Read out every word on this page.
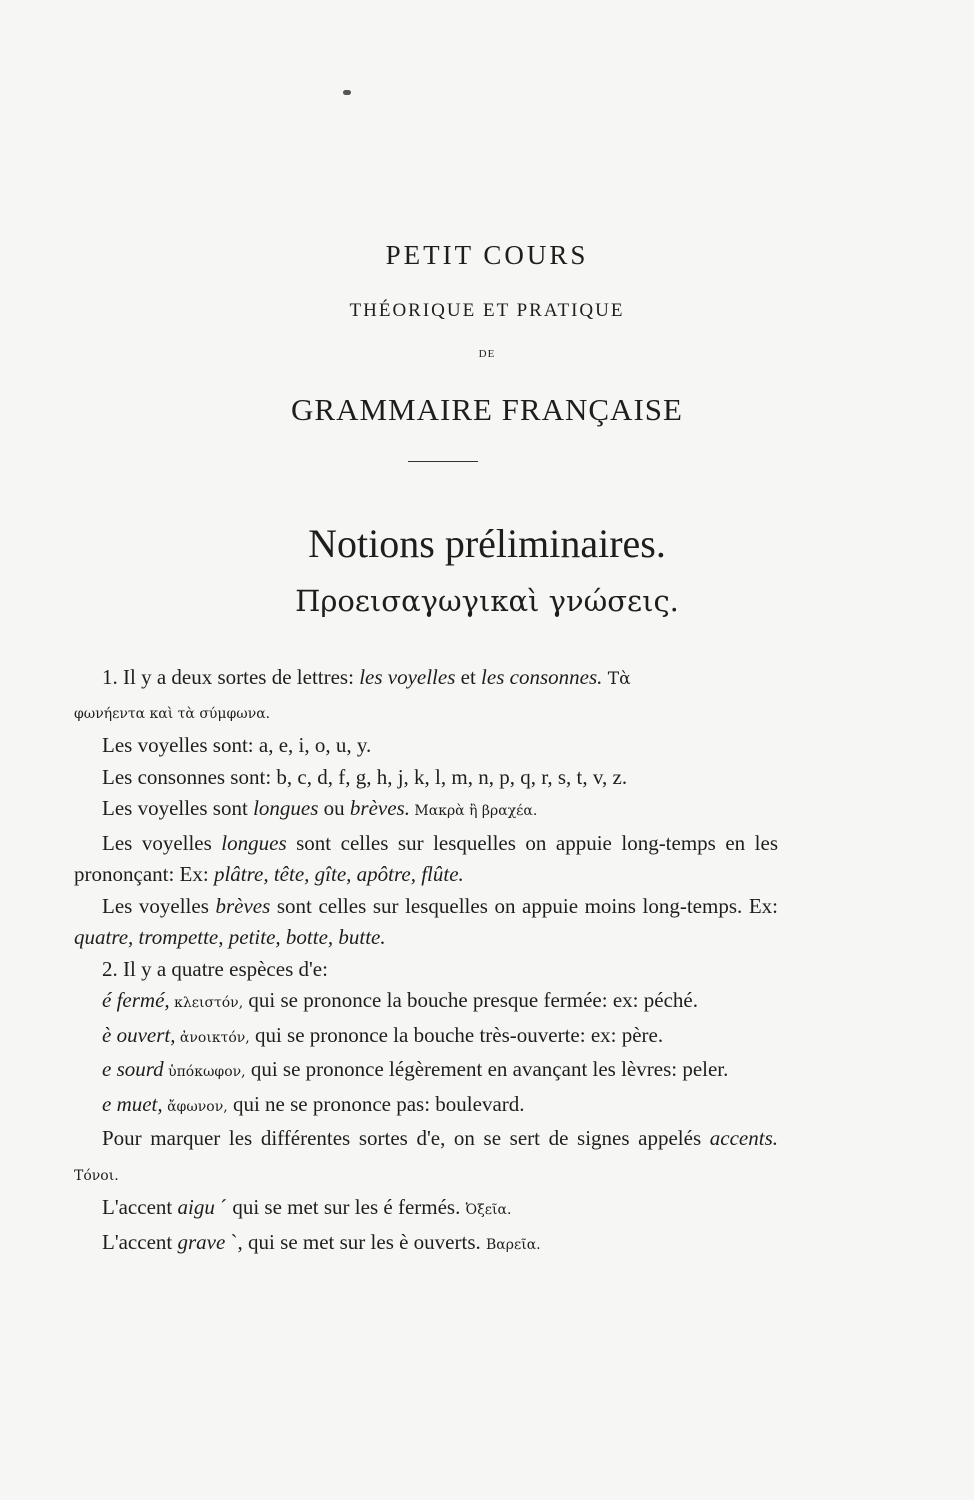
PETIT COURS
THÉORIQUE ET PRATIQUE
DE
GRAMMAIRE FRANÇAISE
Notions préliminaires.
Προεισαγωγικαὶ γνώσεις.

1. Il y a deux sortes de lettres: les voyelles et les consonnes. Τὰ
φωνήεντα καὶ τὰ σύμφωνα.

Les voyelles sont: a, e, i, o, u, y.

Les consonnes sont: b, c, d, f, g, h, j, k, l, m, n, p, q, r, s, t, v, z.

Les voyelles sont longues ou brèves. Μακρὰ ἢ βραχέα.

Les voyelles longues sont celles sur lesquelles on appuie long-temps en les prononçant: Ex: plâtre, tête, gîte, apôtre, flûte.

Les voyelles brèves sont celles sur lesquelles on appuie moins long-temps. Ex: quatre, trompette, petite, botte, butte.

2. Il y a quatre espèces d'e:

é fermé, κλειστόν, qui se prononce la bouche presque fermée: ex: péché.

è ouvert, ἀνοικτόν, qui se prononce la bouche très-ouverte: ex: père.

e sourd ὑπόκωφον, qui se prononce légèrement en avançant les lèvres: peler.

e muet, ἄφωνον, qui ne se prononce pas: boulevard.

Pour marquer les différentes sortes d'e, on se sert de signes appelés accents. Τόνοι.

L'accent aigu ´ qui se met sur les é fermés. Ὀξεῖα.

L'accent grave `, qui se met sur les è ouverts. Βαρεῖα.
